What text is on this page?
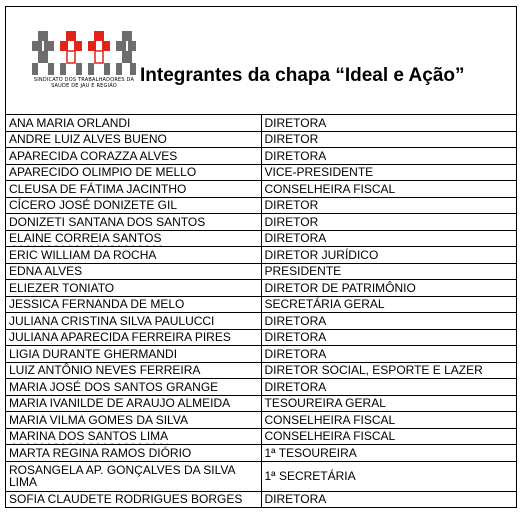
SINDICATO DOS TRABALHADORES DA SAUDE DE JAU E REGIÃO Integrantes da chapa “Ideal e Ação”	

ANA MARIA ORLANDI	DIRETORA
ANDRE LUIZ ALVES BUENO	DIRETOR
APARECIDA CORAZZA ALVES	DIRETORA
APARECIDO OLIMPIO DE MELLO	VICE-PRESIDENTE
CLEUSA DE FÁTIMA JACINTHO	CONSELHEIRA FISCAL
CÍCERO JOSÉ DONIZETE GIL	DIRETOR
DONIZETI SANTANA DOS SANTOS	DIRETOR
ELAINE CORREIA SANTOS	DIRETORA
ERIC WILLIAM DA ROCHA	DIRETOR JURÍDICO
EDNA ALVES	PRESIDENTE
ELIEZER TONIATO	DIRETOR DE PATRIMÔNIO
JESSICA FERNANDA DE MELO	SECRETÁRIA GERAL
JULIANA CRISTINA SILVA PAULUCCI	DIRETORA
JULIANA APARECIDA FERREIRA PIRES	DIRETORA
LIGIA DURANTE GHERMANDI	DIRETORA
LUIZ ANTÔNIO NEVES FERREIRA	DIRETOR SOCIAL, ESPORTE E LAZER
MARIA JOSÉ DOS SANTOS GRANGE	DIRETORA
MARIA IVANILDE DE ARAUJO ALMEIDA	TESOUREIRA GERAL
MARIA VILMA GOMES DA SILVA	CONSELHEIRA FISCAL
MARINA DOS SANTOS LIMA	CONSELHEIRA FISCAL
MARTA REGINA RAMOS DIÓRIO	1ª TESOUREIRA
ROSANGELA AP. GONÇALVES DA SILVA LIMA	1ª SECRETÁRIA
SOFIA CLAUDETE RODRIGUES BORGES	DIRETORA
